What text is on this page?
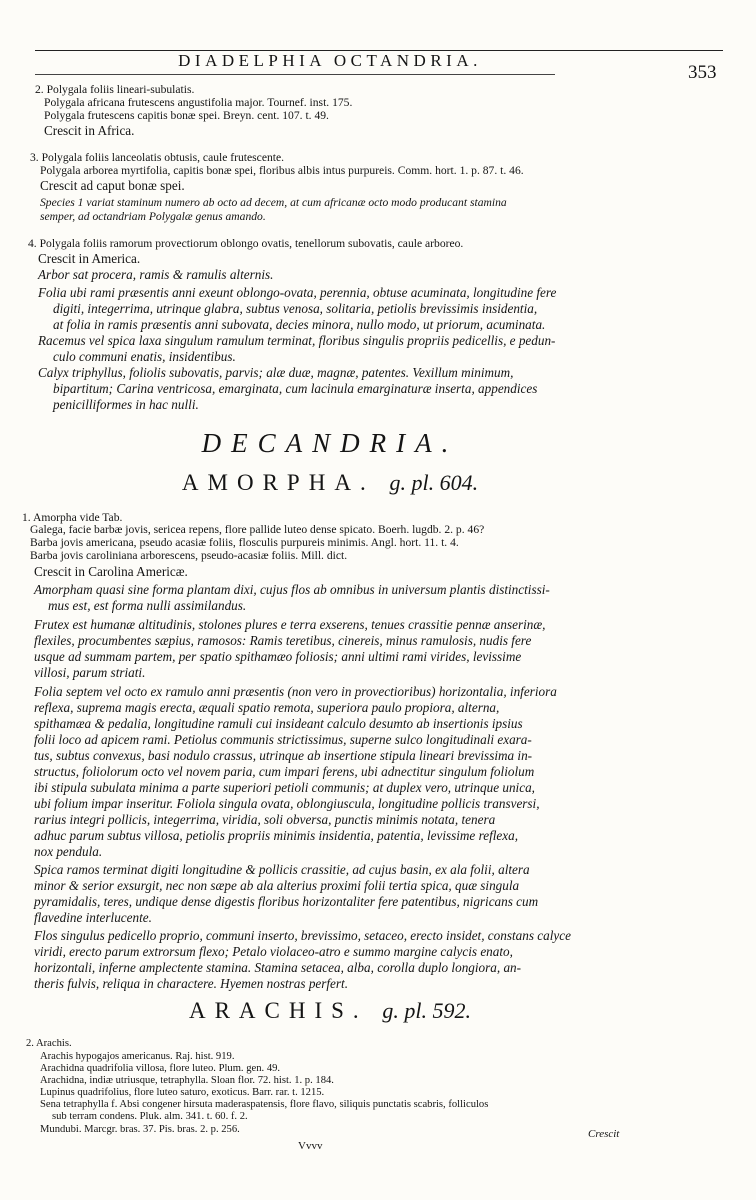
DIADELPHIA OCTANDRIA.
353
2. Polygala foliis lineari-subulatis.
Polygala africana frutescens angustifolia major. Tournef. inst. 175.
Polygala frutescens capitis bonæ spei. Breyn. cent. 107. t. 49.
Crescit in Africa.
3. Polygala foliis lanceolatis obtusis, caule frutescente.
Polygala arborea myrtifolia, capitis bonæ spei, floribus albis intus purpureis. Comm. hort. 1. p. 87. t. 46.
Crescit ad caput bonæ spei.
Species 1 variat staminum numero ab octo ad decem, at cum africanæ octo modo producant stamina
semper, ad octandriam Polygalæ genus amando.
4. Polygala foliis ramorum provectiorum oblongo ovatis, tenellorum subovatis, caule arboreo.
Crescit in America.
Arbor sat procera, ramis & ramulis alternis.
Folia ubi rami præsentis anni exeunt oblongo-ovata, perennia, obtuse acuminata, longitudine fere
digiti, integerrima, utrinque glabra, subtus venosa, solitaria, petiolis brevissimis insidentia,
at folia in ramis præsentis anni subovata, decies minora, nullo modo, ut priorum, acuminata.
Racemus vel spica laxa singulum ramulum terminat, floribus singulis propriis pedicellis, e pedun-
culo communi enatis, insidentibus.
Calyx triphyllus, foliolis subovatis, parvis; alæ duæ, magnæ, patentes. Vexillum minimum,
bipartitum; Carina ventricosa, emarginata, cum lacinula emarginaturæ inserta, appendices
penicilliformes in hac nulli.
DECANDRIA.
AMORPHA. g. pl. 604.
1. Amorpha vide Tab.
Galega, facie barbæ jovis, sericea repens, flore pallide luteo dense spicato. Boerh. lugdb. 2. p. 46?
Barba jovis americana, pseudo acasiæ foliis, flosculis purpureis minimis. Angl. hort. 11. t. 4.
Barba jovis caroliniana arborescens, pseudo-acasiæ foliis. Mill. dict.
Crescit in Carolina Americæ.
Amorpham quasi sine forma plantam dixi, cujus flos ab omnibus in universum plantis distinctissi-
mus est, est forma nulli assimilandus.
Frutex est humanæ altitudinis, stolones plures e terra exserens, tenues crassitie pennæ anserinæ,
flexiles, procumbentes sæpius, ramosos: Ramis teretibus, cinereis, minus ramulosis, nudis fere
usque ad summam partem, per spatio spithamæo foliosis; anni ultimi rami virides, levissime
villosi, parum striati.
Folia septem vel octo ex ramulo anni præsentis (non vero in provectioribus) horizontalia, inferiora
reflexa, suprema magis erecta, æquali spatio remota, superiora paulo propiora, alterna,
spithamæa & pedalia, longitudine ramuli cui insideant calculo desumto ab insertionis ipsius
folii loco ad apicem rami. Petiolus communis strictissimus, superne sulco longitudinali exara-
tus, subtus convexus, basi nodulo crassus, utrinque ab insertione stipula lineari brevissima in-
structus, foliolorum octo vel novem paria, cum impari ferens, ubi adnectitur singulum foliolum
ibi stipula subulata minima a parte superiori petioli communis; at duplex vero, utrinque unica,
ubi folium impar inseritur. Foliola singula ovata, oblongiuscula, longitudine pollicis transversi,
rarius integri pollicis, integerrima, viridia, soli obversa, punctis minimis notata, tenera
adhuc parum subtus villosa, petiolis propriis minimis insidentia, patentia, levissime reflexa,
nox pendula.
Spica ramos terminat digiti longitudine & pollicis crassitie, ad cujus basin, ex ala folii, altera
minor & serior exsurgit, nec non sæpe ab ala alterius proximi folii tertia spica, quæ singula
pyramidalis, teres, undique dense digestis floribus horizontaliter fere patentibus, nigricans cum
flavedine interlucente.
Flos singulus pedicello proprio, communi inserto, brevissimo, setaceo, erecto insidet, constans calyce
viridi, erecto parum extrorsum flexo; Petalo violaceo-atro e summo margine calycis enato,
horizontali, inferne amplectente stamina. Stamina setacea, alba, corolla duplo longiora, an-
theris fulvis, reliqua in charactere. Hyemen nostras perfert.
ARACHIS. g. pl. 592.
2. Arachis.
Arachis hypogajos americanus. Raj. hist. 919.
Arachidna quadrifolia villosa, flore luteo. Plum. gen. 49.
Arachidna, indiæ utriusque, tetraphylla. Sloan flor. 72. hist. 1. p. 184.
Lupinus quadrifolius, flore luteo saturo, exoticus. Barr. rar. t. 1215.
Sena tetraphylla f. Absi congener hirsuta maderaspatensis, flore flavo, siliquis punctatis scabris, folliculos
sub terram condens. Pluk. alm. 341. t. 60. f. 2.
Mundubi. Marcgr. bras. 37. Pis. bras. 2. p. 256.
Vvvv
Crescit
